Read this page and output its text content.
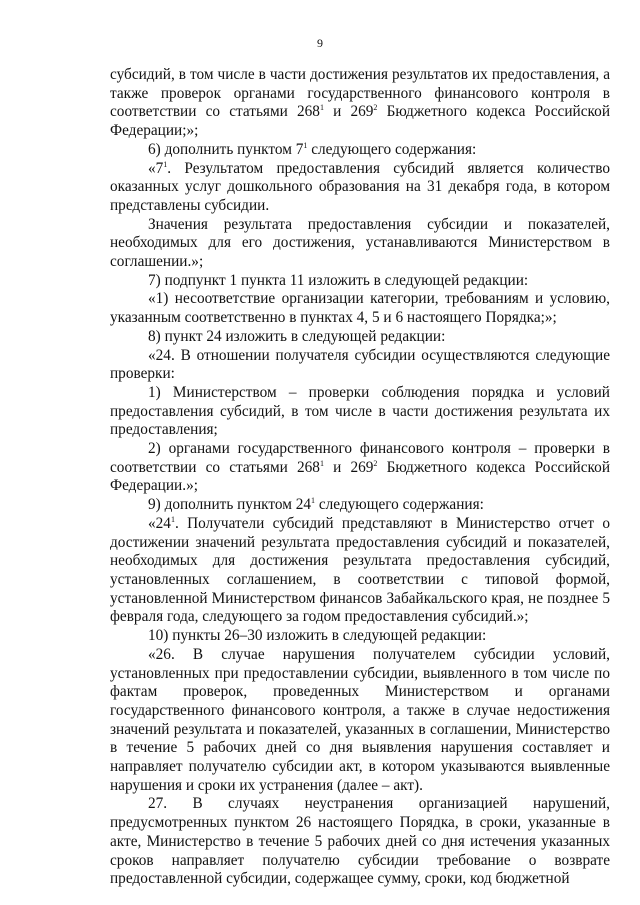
9

субсидий, в том числе в части достижения результатов их предоставления, а также проверок органами государственного финансового контроля в соответствии со статьями $268^1$ и $269^2$ Бюджетного кодекса Российской Федерации;»;

6) дополнить пунктом $7^1$ следующего содержания:

«$7^1$. Результатом предоставления субсидий является количество оказанных услуг дошкольного образования на 31 декабря года, в котором представлены субсидии.

Значения результата предоставления субсидии и показателей, необходимых для его достижения, устанавливаются Министерством в соглашении.»;

7) подпункт 1 пункта 11 изложить в следующей редакции:

«1) несоответствие организации категории, требованиям и условию, указанным соответственно в пунктах 4, 5 и 6 настоящего Порядка;»;

8) пункт 24 изложить в следующей редакции:

«24. В отношении получателя субсидии осуществляются следующие проверки:

1) Министерством – проверки соблюдения порядка и условий предоставления субсидий, в том числе в части достижения результата их предоставления;

2) органами государственного финансового контроля – проверки в соответствии со статьями $268^1$ и $269^2$ Бюджетного кодекса Российской Федерации.»;

9) дополнить пунктом $24^1$ следующего содержания:

«$24^1$. Получатели субсидий представляют в Министерство отчет о достижении значений результата предоставления субсидий и показателей, необходимых для достижения результата предоставления субсидий, установленных соглашением, в соответствии с типовой формой, установленной Министерством финансов Забайкальского края, не позднее 5 февраля года, следующего за годом предоставления субсидий.»;

10) пункты 26–30 изложить в следующей редакции:

«26. В случае нарушения получателем субсидии условий, установленных при предоставлении субсидии, выявленного в том числе по фактам проверок, проведенных Министерством и органами государственного финансового контроля, а также в случае недостижения значений результата и показателей, указанных в соглашении, Министерство в течение 5 рабочих дней со дня выявления нарушения составляет и направляет получателю субсидии акт, в котором указываются выявленные нарушения и сроки их устранения (далее – акт).

27. В случаях неустранения организацией нарушений, предусмотренных пунктом 26 настоящего Порядка, в сроки, указанные в акте, Министерство в течение 5 рабочих дней со дня истечения указанных сроков направляет получателю субсидии требование о возврате предоставленной субсидии, содержащее сумму, сроки, код бюджетной
